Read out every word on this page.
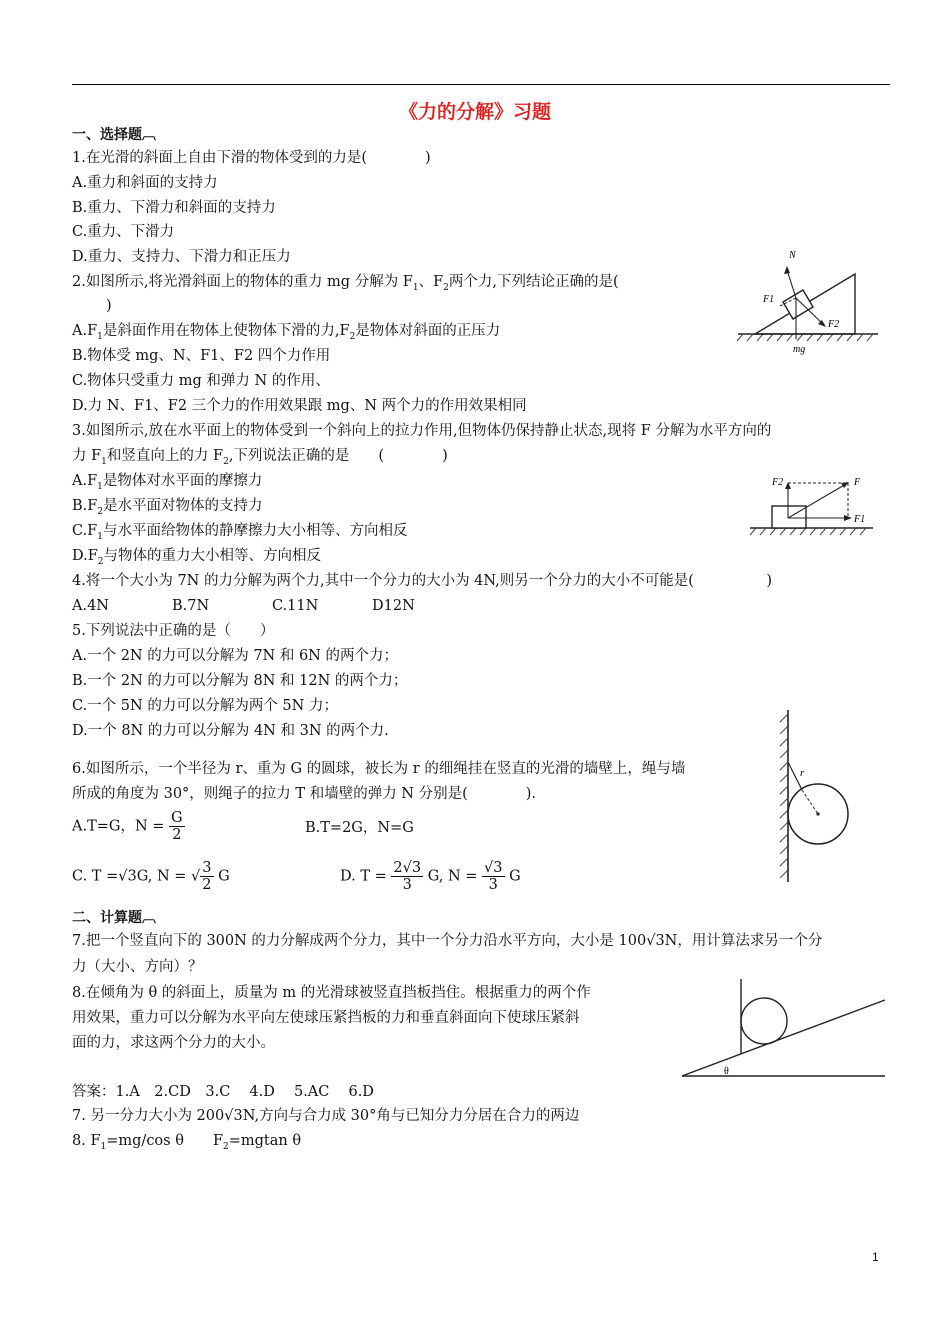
《力的分解》习题
一、选择题︹
1.在光滑的斜面上自由下滑的物体受到的力是(　　　　)
A.重力和斜面的支持力
B.重力、下滑力和斜面的支持力
C.重力、下滑力
D.重力、支持力、下滑力和正压力
2.如图所示,将光滑斜面上的物体的重力 mg 分解为 $F_1$、$F_2$两个力,下列结论正确的是(
)
$A.F_1$是斜面作用在物体上使物体下滑的力$,F_2$是物体对斜面的正压力
B.物体受 mg、N、F1、F2 四个力作用
C.物体只受重力 mg 和弹力 N 的作用、
D.力 N、F1、F2 三个力的作用效果跟 mg、N 两个力的作用效果相同
N
F1
F2
mg
3.如图所示,放在水平面上的物体受到一个斜向上的拉力作用,但物体仍保持静止状态,现将 F 分解为水平方向的
力 $F_1$和竖直向上的力 $F_2$,下列说法正确的是　　(　　　　)
$A.F_1$是物体对水平面的摩擦力
$B.F_2$是水平面对物体的支持力
$C.F_1$与水平面给物体的静摩擦力大小相等、方向相反
$D.F_2$与物体的重力大小相等、方向相反
F2	F
F1
4.将一个大小为 7N 的力分解为两个力,其中一个分力的大小为 4N,则另一个分力的大小不可能是(　　　　　)
A.4N	B.7N	C.11N	D12N
5.下列说法中正确的是（　　）
A.一个 2N 的力可以分解为 7N 和 6N 的两个力；
B.一个 2N 的力可以分解为 8N 和 12N 的两个力；
C.一个 5N 的力可以分解为两个 5N 力；
D.一个 8N 的力可以分解为 4N 和 3N 的两个力.
6.如图所示，一个半径为 r、重为 G 的圆球，被长为 r 的细绳挂在竖直的光滑的墙壁上，绳与墙
所成的角度为 30°，则绳子的拉力 T 和墙壁的弹力 N 分别是(　　　　).
A.T=G，$N = \frac{G}{2}$	B.T=2G，N=G
C. T =√3G, N = √ $\frac{3}{2}$ G	D. $T = \frac{2√3}{3} G$, $N = \frac{√3}{3}$ G
r
二、计算题︹
7.把一个竖直向下的 300N 的力分解成两个分力，其中一个分力沿水平方向，大小是 100√3N，用计算法求另一个分
力（大小、方向）？
8.在倾角为 θ 的斜面上，质量为 m 的光滑球被竖直挡板挡住。根据重力的两个作
用效果，重力可以分解为水平向左使球压紧挡板的力和垂直斜面向下使球压紧斜
面的力，求这两个分力的大小。
θ
答案：1.A　2.CD　3.C　 4.D　 5.AC　 6.D
7. 另一分力大小为 200√3N,方向与合力成 30°角与已知分力分居在合力的两边
8. $F_1=mg/\cos$ θ　　$F_2=mgtan$ θ
1
